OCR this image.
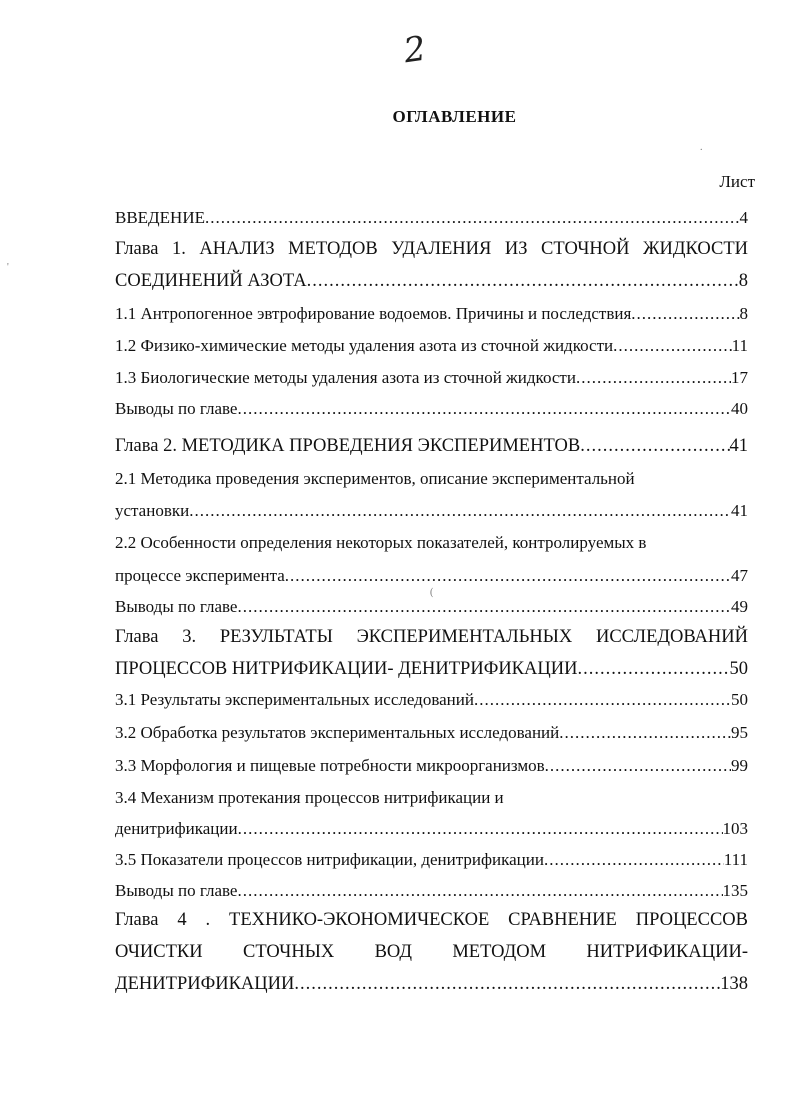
2
ОГЛАВЛЕНИЕ
Лист
'
.
(
ВВЕДЕНИЕ .....	4
Глава 1. АНАЛИЗ МЕТОДОВ УДАЛЕНИЯ ИЗ СТОЧНОЙ ЖИДКОСТИ
СОЕДИНЕНИЙ АЗОТА .....	8
1.1 Антропогенное эвтрофирование водоемов. Причины и последствия .....	8
1.2 Физико-химические методы удаления азота из сточной жидкости .....	11
1.3 Биологические методы удаления азота из сточной жидкости .....	17
Выводы по главе .....	40
Глава 2. МЕТОДИКА ПРОВЕДЕНИЯ ЭКСПЕРИМЕНТОВ .....	41
2.1 Методика проведения экспериментов, описание экспериментальной
установки .....	41
2.2 Особенности определения некоторых показателей, контролируемых в
процессе эксперимента .....	47
Выводы по главе .....	49
Глава 3. РЕЗУЛЬТАТЫ ЭКСПЕРИМЕНТАЛЬНЫХ ИССЛЕДОВАНИЙ
ПРОЦЕССОВ НИТРИФИКАЦИИ- ДЕНИТРИФИКАЦИИ .....	50
3.1 Результаты экспериментальных исследований .....	50
3.2 Обработка результатов экспериментальных исследований .....	95
3.3 Морфология и пищевые потребности микроорганизмов .....	99
3.4 Механизм протекания процессов нитрификации и
денитрификации .....	103
3.5 Показатели процессов нитрификации, денитрификации .....	111
Выводы по главе .....	135
Глава 4 . ТЕХНИКО-ЭКОНОМИЧЕСКОЕ СРАВНЕНИЕ ПРОЦЕССОВ
ОЧИСТКИ СТОЧНЫХ ВОД МЕТОДОМ НИТРИФИКАЦИИ-
ДЕНИТРИФИКАЦИИ .....	138
